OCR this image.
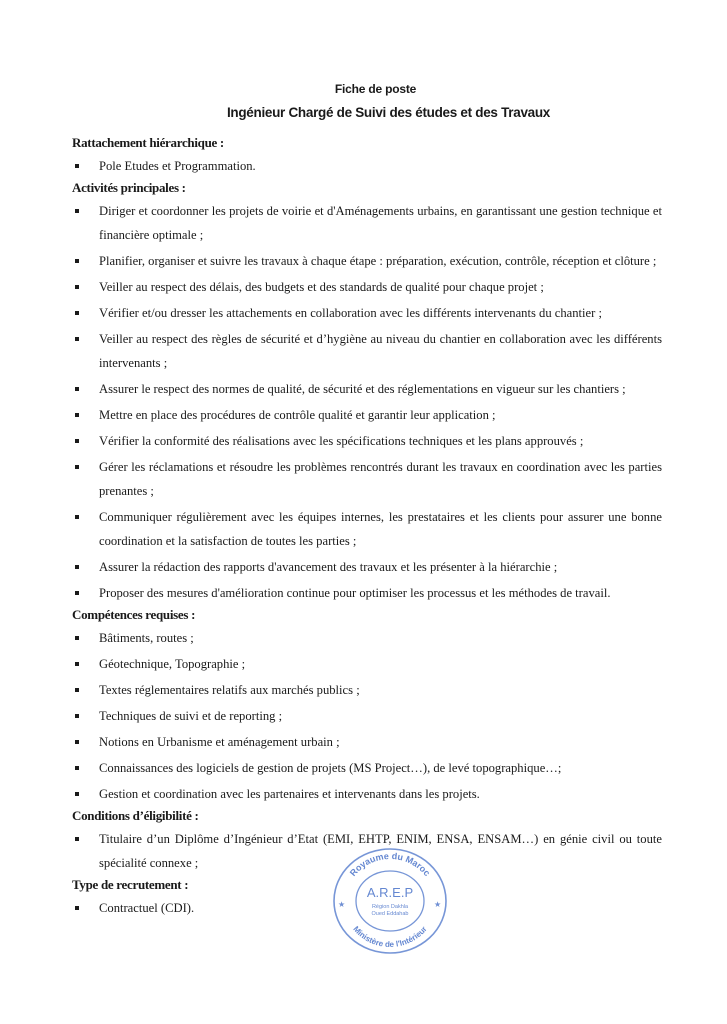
Fiche de poste
Ingénieur Chargé de Suivi des études et des Travaux
Rattachement hiérarchique :
Pole Etudes et Programmation.
Activités principales :
Diriger et coordonner les projets de voirie et d'Aménagements urbains, en garantissant une gestion technique et financière optimale ;
Planifier, organiser et suivre les travaux à chaque étape : préparation, exécution, contrôle, réception et clôture ;
Veiller au respect des délais, des budgets et des standards de qualité pour chaque projet ;
Vérifier et/ou dresser les attachements en collaboration avec les différents intervenants du chantier ;
Veiller au respect des règles de sécurité et d’hygiène au niveau du chantier en collaboration avec les différents intervenants ;
Assurer le respect des normes de qualité, de sécurité et des réglementations en vigueur sur les chantiers ;
Mettre en place des procédures de contrôle qualité et garantir leur application ;
Vérifier la conformité des réalisations avec les spécifications techniques et les plans approuvés ;
Gérer les réclamations et résoudre les problèmes rencontrés durant les travaux en coordination avec les parties prenantes ;
Communiquer régulièrement avec les équipes internes, les prestataires et les clients pour assurer une bonne coordination et la satisfaction de toutes les parties ;
Assurer la rédaction des rapports d'avancement des travaux et les présenter à la hiérarchie ;
Proposer des mesures d'amélioration continue pour optimiser les processus et les méthodes de travail.
Compétences requises :
Bâtiments, routes ;
Géotechnique, Topographie ;
Textes réglementaires relatifs aux marchés publics ;
Techniques de suivi et de reporting ;
Notions en Urbanisme et aménagement urbain ;
Connaissances des logiciels de gestion de projets (MS Project…), de levé topographique…;
Gestion et coordination avec les partenaires et intervenants dans les projets.
Conditions d’éligibilité :
Titulaire d’un Diplôme d’Ingénieur d’Etat (EMI, EHTP, ENIM, ENSA, ENSAM…) en génie civil ou toute spécialité connexe ;
Type de recrutement :
Contractuel (CDI).
Royaume du Maroc
Ministère de l'Intérieur
A.R.E.P
Région Dakhla
Oued Eddahab
★	★
